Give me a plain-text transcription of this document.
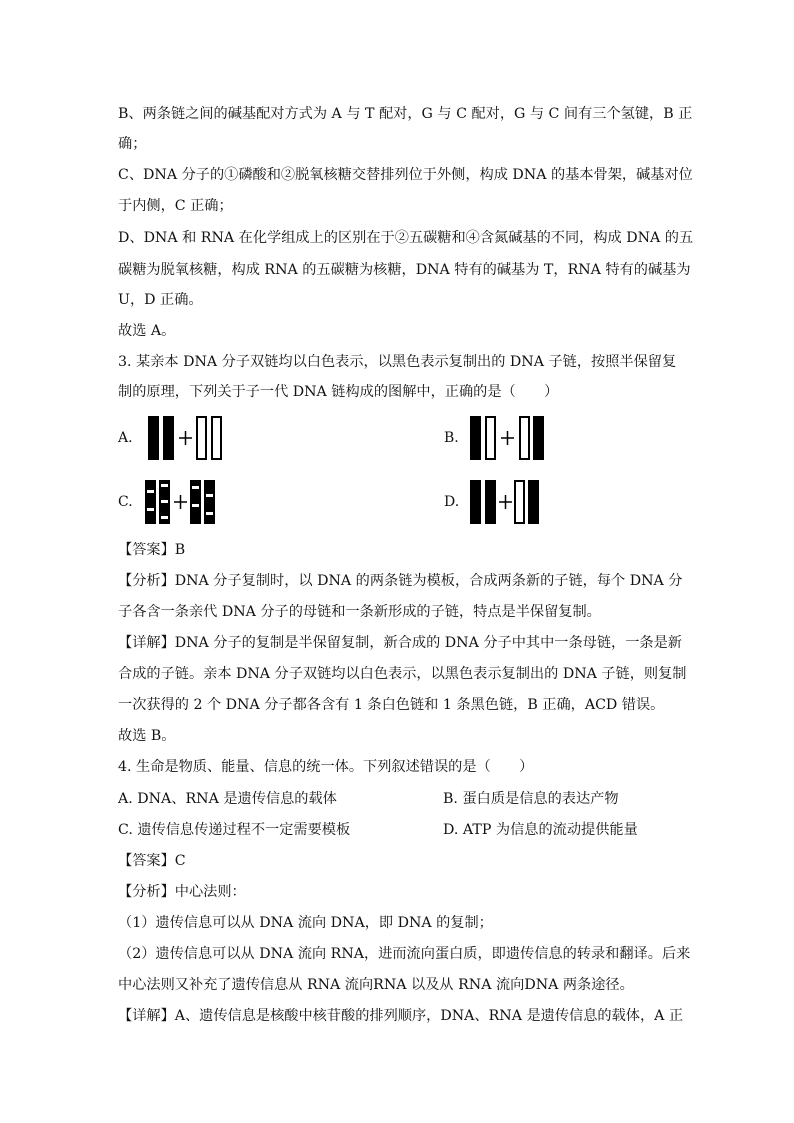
B、两条链之间的碱基配对方式为 A 与 T 配对，G 与 C 配对，G 与 C 间有三个氢键，B 正
确；
C、DNA 分子的①磷酸和②脱氧核糖交替排列位于外侧，构成 DNA 的基本骨架，碱基对位
于内侧，C 正确；
D、DNA 和 RNA 在化学组成上的区别在于②五碳糖和④含氮碱基的不同，构成 DNA 的五
碳糖为脱氧核糖，构成 RNA 的五碳糖为核糖，DNA 特有的碱基为 T，RNA 特有的碱基为
U，D 正确。
故选 A。
3. 某亲本 DNA 分子双链均以白色表示，以黑色表示复制出的 DNA 子链，按照半保留复
制的原理，下列关于子一代 DNA 链构成的图解中，正确的是（　　）
A.	B.
C.	D.
【答案】B
【分析】DNA 分子复制时，以 DNA 的两条链为模板，合成两条新的子链，每个 DNA 分
子各含一条亲代 DNA 分子的母链和一条新形成的子链，特点是半保留复制。
【详解】DNA 分子的复制是半保留复制，新合成的 DNA 分子中其中一条母链，一条是新
合成的子链。亲本 DNA 分子双链均以白色表示，以黑色表示复制出的 DNA 子链，则复制
一次获得的 2 个 DNA 分子都各含有 1 条白色链和 1 条黑色链，B 正确，ACD 错误。
故选 B。
4. 生命是物质、能量、信息的统一体。下列叙述错误的是（　　）
A. DNA、RNA 是遗传信息的载体	B. 蛋白质是信息的表达产物
C. 遗传信息传递过程不一定需要模板	D. ATP 为信息的流动提供能量
【答案】C
【分析】中心法则：
（1）遗传信息可以从 DNA 流向 DNA，即 DNA 的复制；
（2）遗传信息可以从 DNA 流向 RNA，进而流向蛋白质，即遗传信息的转录和翻译。后来
中心法则又补充了遗传信息从 RNA 流向RNA 以及从 RNA 流向DNA 两条途径。
【详解】A、遗传信息是核酸中核苷酸的排列顺序，DNA、RNA 是遗传信息的载体，A 正
